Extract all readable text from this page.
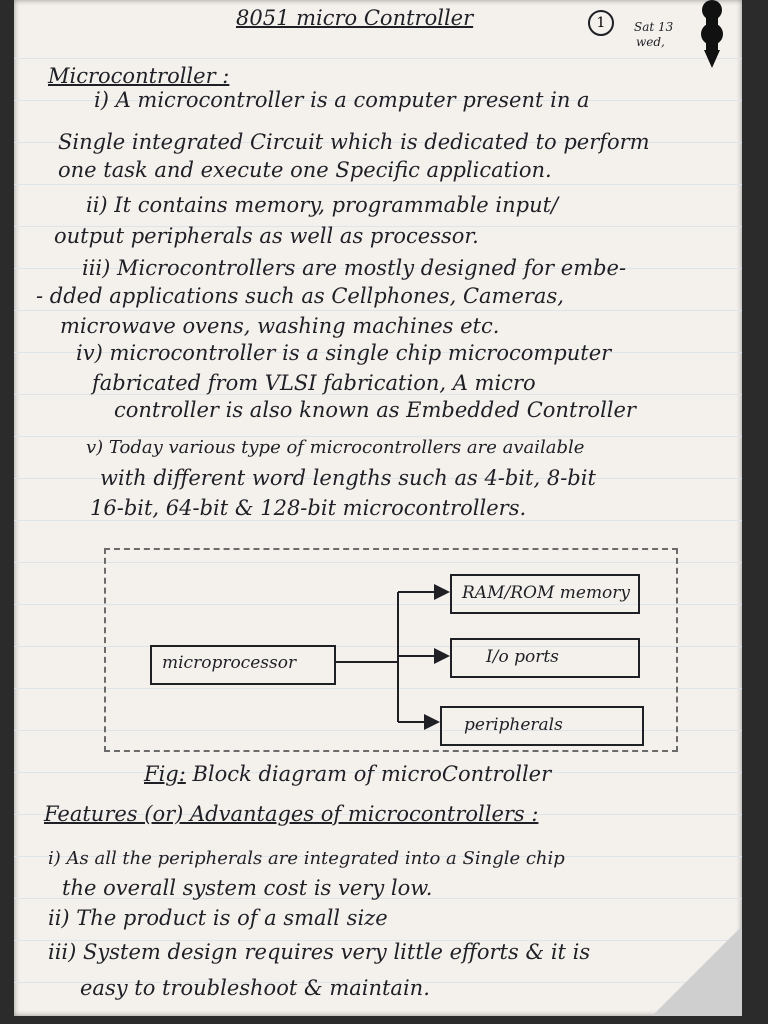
8051 micro Controller	1	Sat 13
wed,
Microcontroller :
i) A microcontroller is a computer present in a
Single integrated Circuit which is dedicated to perform
one task and execute one Specific application.
ii) It contains memory, programmable input/
output peripherals as well as processor.
iii) Microcontrollers are mostly designed for embe-
- dded applications such as Cellphones, Cameras,
microwave ovens, washing machines etc.
iv) microcontroller is a single chip microcomputer
fabricated from VLSI fabrication, A micro
controller is also known as Embedded Controller
v) Today various type of microcontrollers are available
with different word lengths such as 4-bit, 8-bit
16-bit, 64-bit & 128-bit microcontrollers.
microprocessor
RAM/ROM memory
I/o ports
peripherals
Fig: Block diagram of microController
Features (or) Advantages of microcontrollers :
i) As all the peripherals are integrated into a Single chip
the overall system cost is very low.
ii) The product is of a small size
iii) System design requires very little efforts & it is
easy to troubleshoot & maintain.
